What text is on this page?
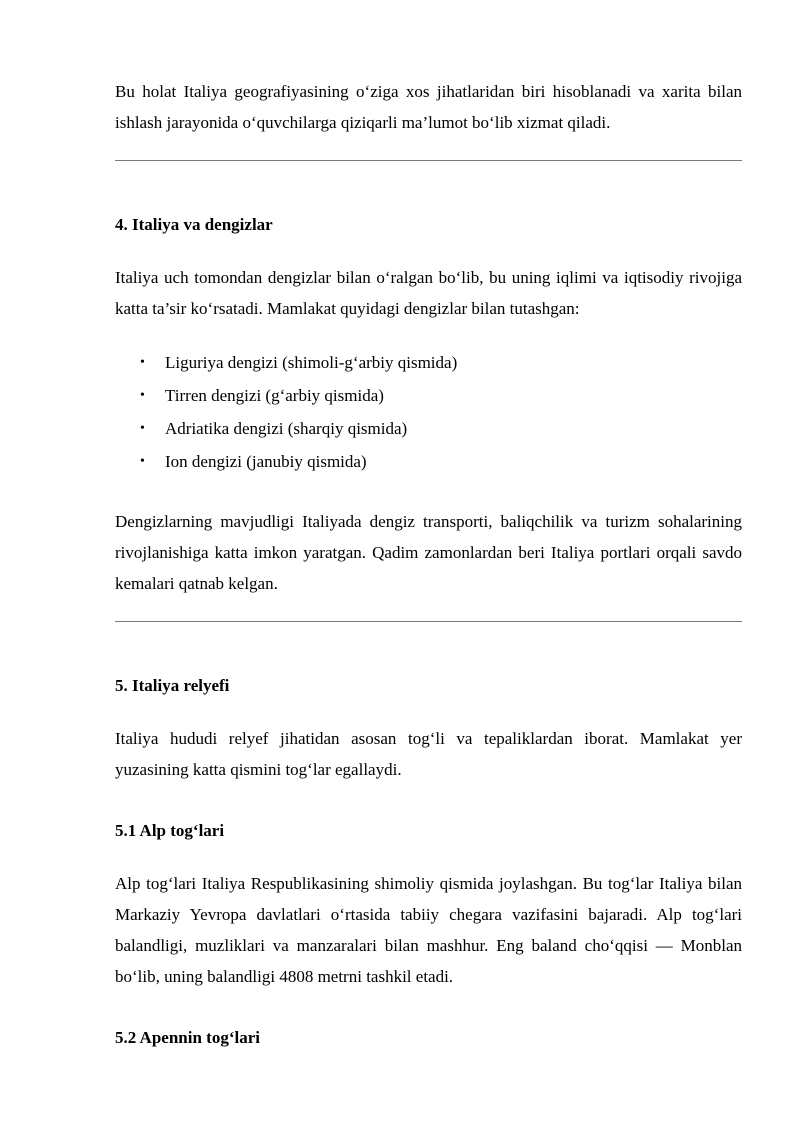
Bu holat Italiya geografiyasining o‘ziga xos jihatlaridan biri hisoblanadi va xarita bilan ishlash jarayonida o‘quvchilarga qiziqarli ma’lumot bo‘lib xizmat qiladi.

4. Italiya va dengizlar

Italiya uch tomondan dengizlar bilan o‘ralgan bo‘lib, bu uning iqlimi va iqtisodiy rivojiga katta ta’sir ko‘rsatadi. Mamlakat quyidagi dengizlar bilan tutashgan:

• Liguriya dengizi (shimoli-g‘arbiy qismida)
• Tirren dengizi (g‘arbiy qismida)
• Adriatika dengizi (sharqiy qismida)
• Ion dengizi (janubiy qismida)

Dengizlarning mavjudligi Italiyada dengiz transporti, baliqchilik va turizm sohalarining rivojlanishiga katta imkon yaratgan. Qadim zamonlardan beri Italiya portlari orqali savdo kemalari qatnab kelgan.

5. Italiya relyefi

Italiya hududi relyef jihatidan asosan tog‘li va tepaliklardan iborat. Mamlakat yer yuzasining katta qismini tog‘lar egallaydi.

5.1 Alp tog‘lari

Alp tog‘lari Italiya Respublikasining shimoliy qismida joylashgan. Bu tog‘lar Italiya bilan Markaziy Yevropa davlatlari o‘rtasida tabiiy chegara vazifasini bajaradi. Alp tog‘lari balandligi, muzliklari va manzaralari bilan mashhur. Eng baland cho‘qqisi — Monblan bo‘lib, uning balandligi 4808 metrni tashkil etadi.

5.2 Apennin tog‘lari
